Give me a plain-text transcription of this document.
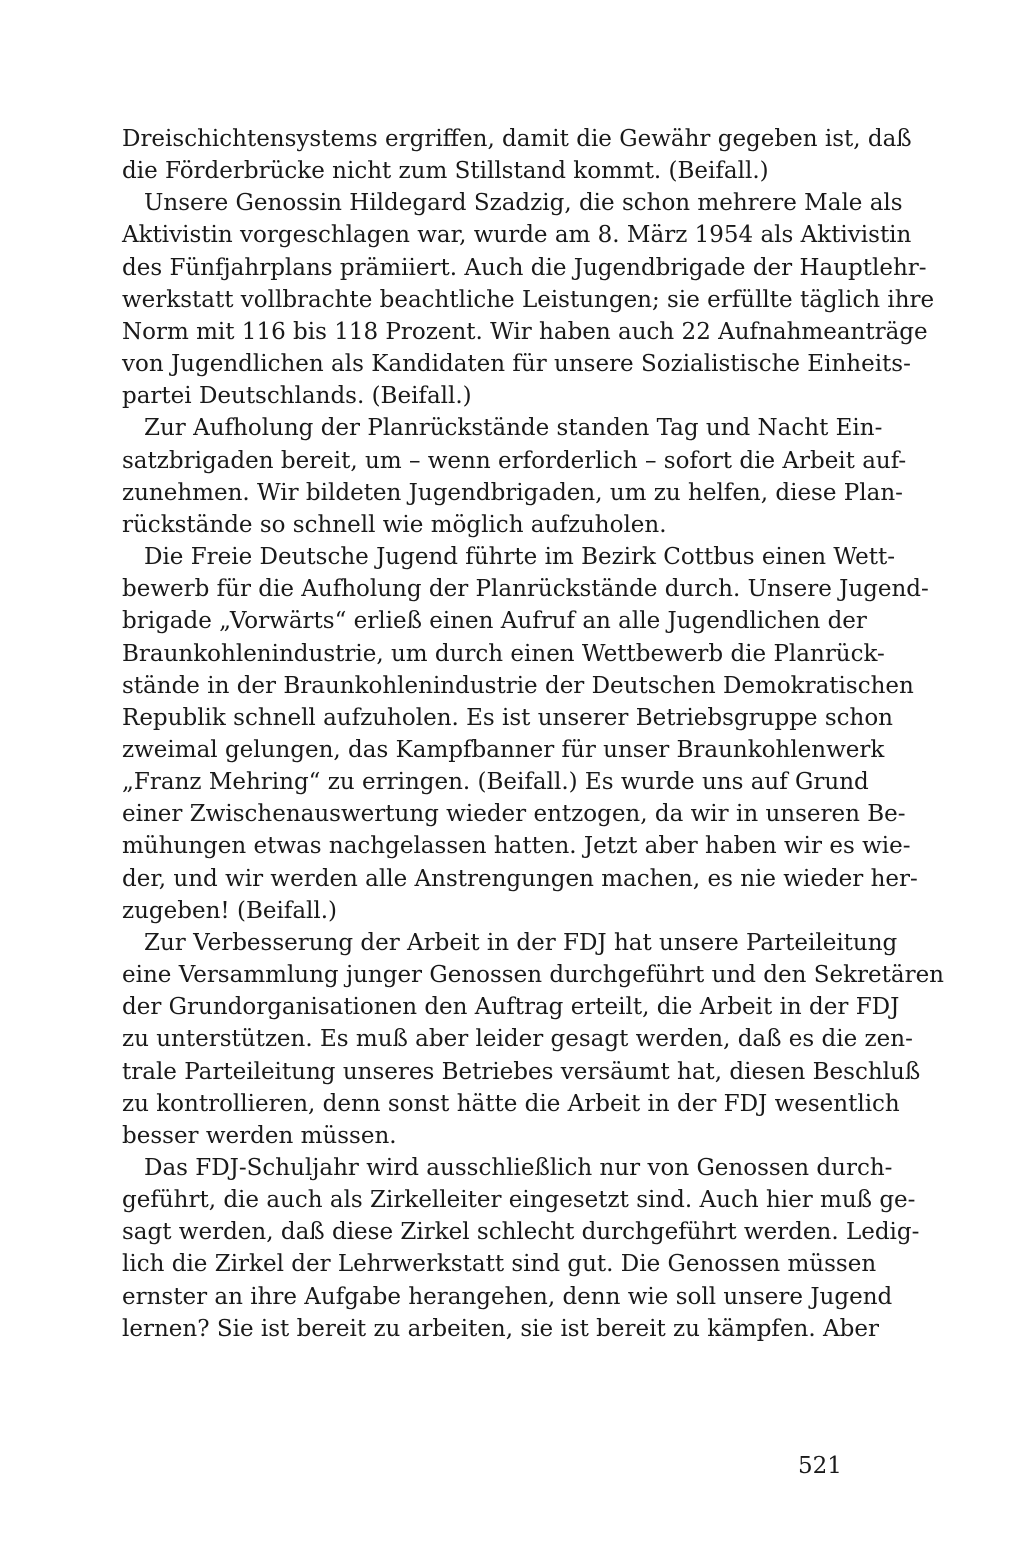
Dreischichtensystems ergriffen, damit die Gewähr gegeben ist, daß
die Förderbrücke nicht zum Stillstand kommt. (Beifall.)
Unsere Genossin Hildegard Szadzig, die schon mehrere Male als
Aktivistin vorgeschlagen war, wurde am 8. März 1954 als Aktivistin
des Fünfjahrplans prämiiert. Auch die Jugendbrigade der Hauptlehr-
werkstatt vollbrachte beachtliche Leistungen; sie erfüllte täglich ihre
Norm mit 116 bis 118 Prozent. Wir haben auch 22 Aufnahmeanträge
von Jugendlichen als Kandidaten für unsere Sozialistische Einheits-
partei Deutschlands. (Beifall.)
Zur Aufholung der Planrückstände standen Tag und Nacht Ein-
satzbrigaden bereit, um – wenn erforderlich – sofort die Arbeit auf-
zunehmen. Wir bildeten Jugendbrigaden, um zu helfen, diese Plan-
rückstände so schnell wie möglich aufzuholen.
Die Freie Deutsche Jugend führte im Bezirk Cottbus einen Wett-
bewerb für die Aufholung der Planrückstände durch. Unsere Jugend-
brigade „Vorwärts“ erließ einen Aufruf an alle Jugendlichen der
Braunkohlenindustrie, um durch einen Wettbewerb die Planrück-
stände in der Braunkohlenindustrie der Deutschen Demokratischen
Republik schnell aufzuholen. Es ist unserer Betriebsgruppe schon
zweimal gelungen, das Kampfbanner für unser Braunkohlenwerk
„Franz Mehring“ zu erringen. (Beifall.) Es wurde uns auf Grund
einer Zwischenauswertung wieder entzogen, da wir in unseren Be-
mühungen etwas nachgelassen hatten. Jetzt aber haben wir es wie-
der, und wir werden alle Anstrengungen machen, es nie wieder her-
zugeben! (Beifall.)
Zur Verbesserung der Arbeit in der FDJ hat unsere Parteileitung
eine Versammlung junger Genossen durchgeführt und den Sekretären
der Grundorganisationen den Auftrag erteilt, die Arbeit in der FDJ
zu unterstützen. Es muß aber leider gesagt werden, daß es die zen-
trale Parteileitung unseres Betriebes versäumt hat, diesen Beschluß
zu kontrollieren, denn sonst hätte die Arbeit in der FDJ wesentlich
besser werden müssen.
Das FDJ-Schuljahr wird ausschließlich nur von Genossen durch-
geführt, die auch als Zirkelleiter eingesetzt sind. Auch hier muß ge-
sagt werden, daß diese Zirkel schlecht durchgeführt werden. Ledig-
lich die Zirkel der Lehrwerkstatt sind gut. Die Genossen müssen
ernster an ihre Aufgabe herangehen, denn wie soll unsere Jugend
lernen? Sie ist bereit zu arbeiten, sie ist bereit zu kämpfen. Aber
521
